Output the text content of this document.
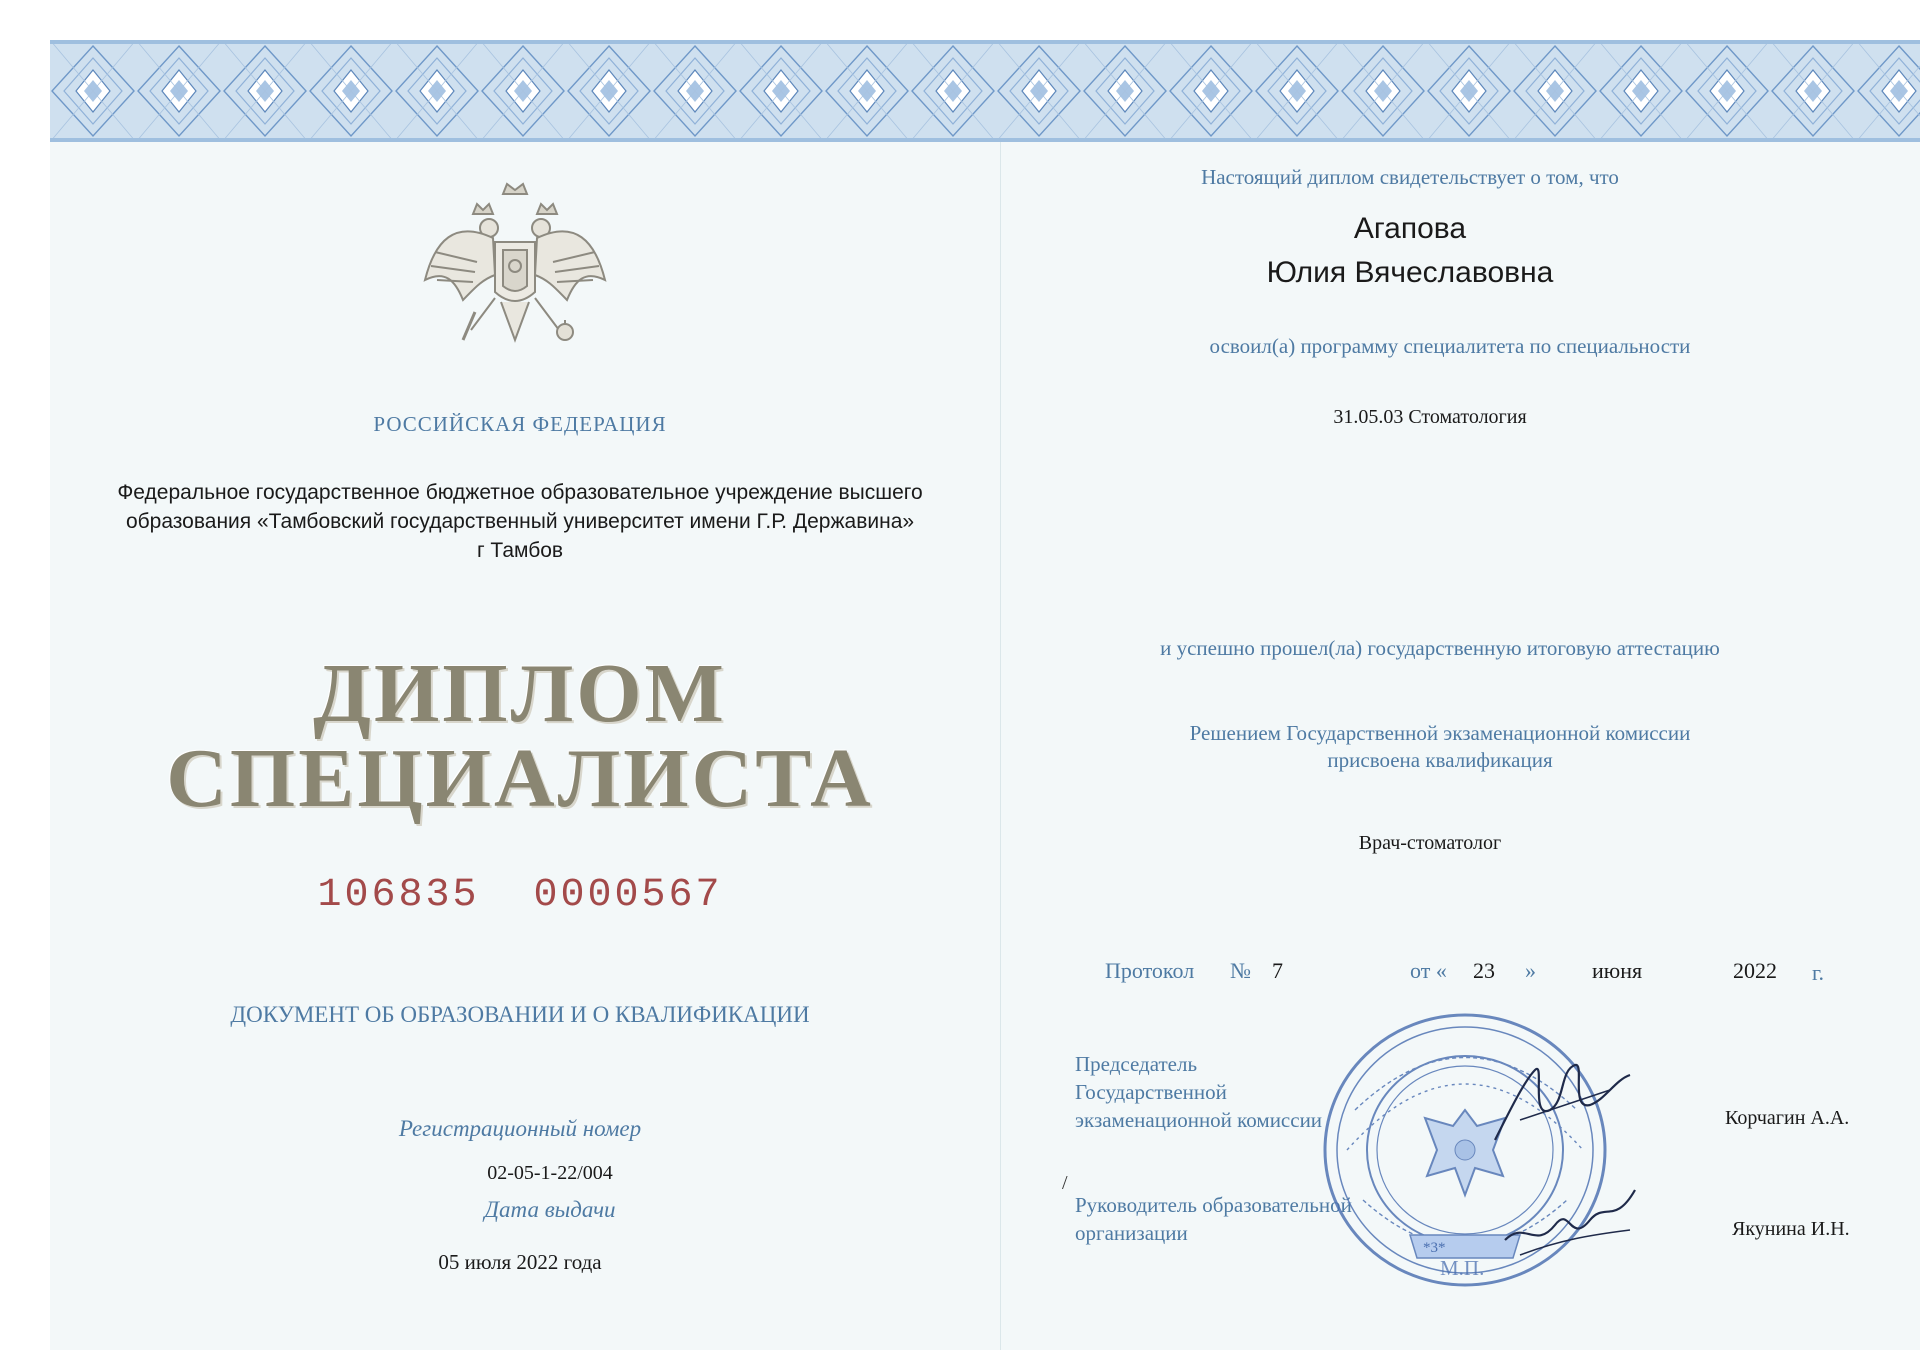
РОССИЙСКАЯ ФЕДЕРАЦИЯ
Федеральное государственное бюджетное образовательное учреждение высшего
образования «Тамбовский государственный университет имени Г.Р. Державина»
г Тамбов
ДИПЛОМ
СПЕЦИАЛИСТА
106835  0000567
ДОКУМЕНТ ОБ ОБРАЗОВАНИИ И О КВАЛИФИКАЦИИ
Регистрационный номер
02-05-1-22/004
Дата выдачи
05 июля 2022 года
Настоящий диплом свидетельствует о том, что
Агапова
Юлия Вячеславовна
освоил(а) программу специалитета по специальности
31.05.03 Стоматология
и успешно прошел(ла) государственную итоговую аттестацию
Решением Государственной экзаменационной комиссии
присвоена квалификация
Врач-стоматолог
Протокол № 7	от « 23 »	июня	2022 г.
Председатель
Государственной
экзаменационной комиссии	Корчагин А.А.
Руководитель образовательной
организации	Якунина И.Н.
*3*
М.П.
/
